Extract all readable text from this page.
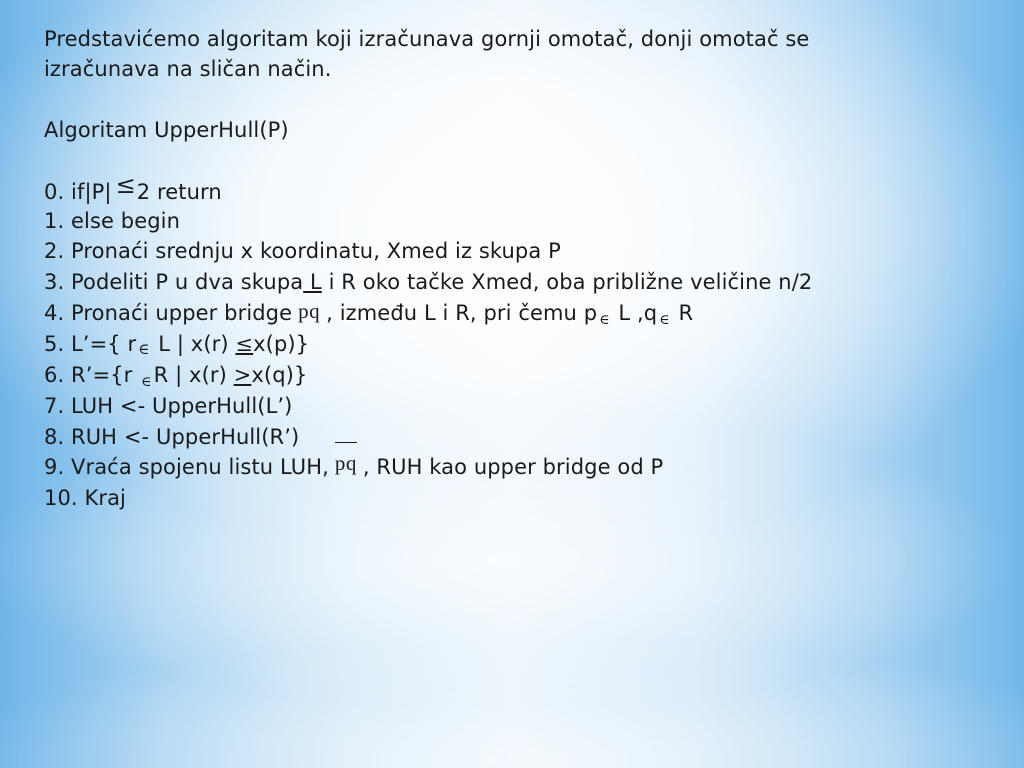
Predstavićemo algoritam koji izračunava gornji omotač, donji omotač se
izračunava na sličan način.
Algoritam UpperHull(P)
0. if|P| ≤2 return
1. else begin
2. Pronaći srednju x koordinatu, Xmed iz skupa P
3. Podeliti P u dva skupa L i R oko tačke Xmed, oba približne veličine n/2
4. Pronaći upper bridge pq , između L i R, pri čemu p ∈ L ,q ∈ R
5. L’={ r ∈ L | x(r) ≤x(p)}
6. R’={r ∈R | x(r) ≥x(q)}
7. LUH <- UpperHull(L’)
8. RUH <- UpperHull(R’)
9. Vraća spojenu listu LUH, pq , RUH kao upper bridge od P
10. Kraj
